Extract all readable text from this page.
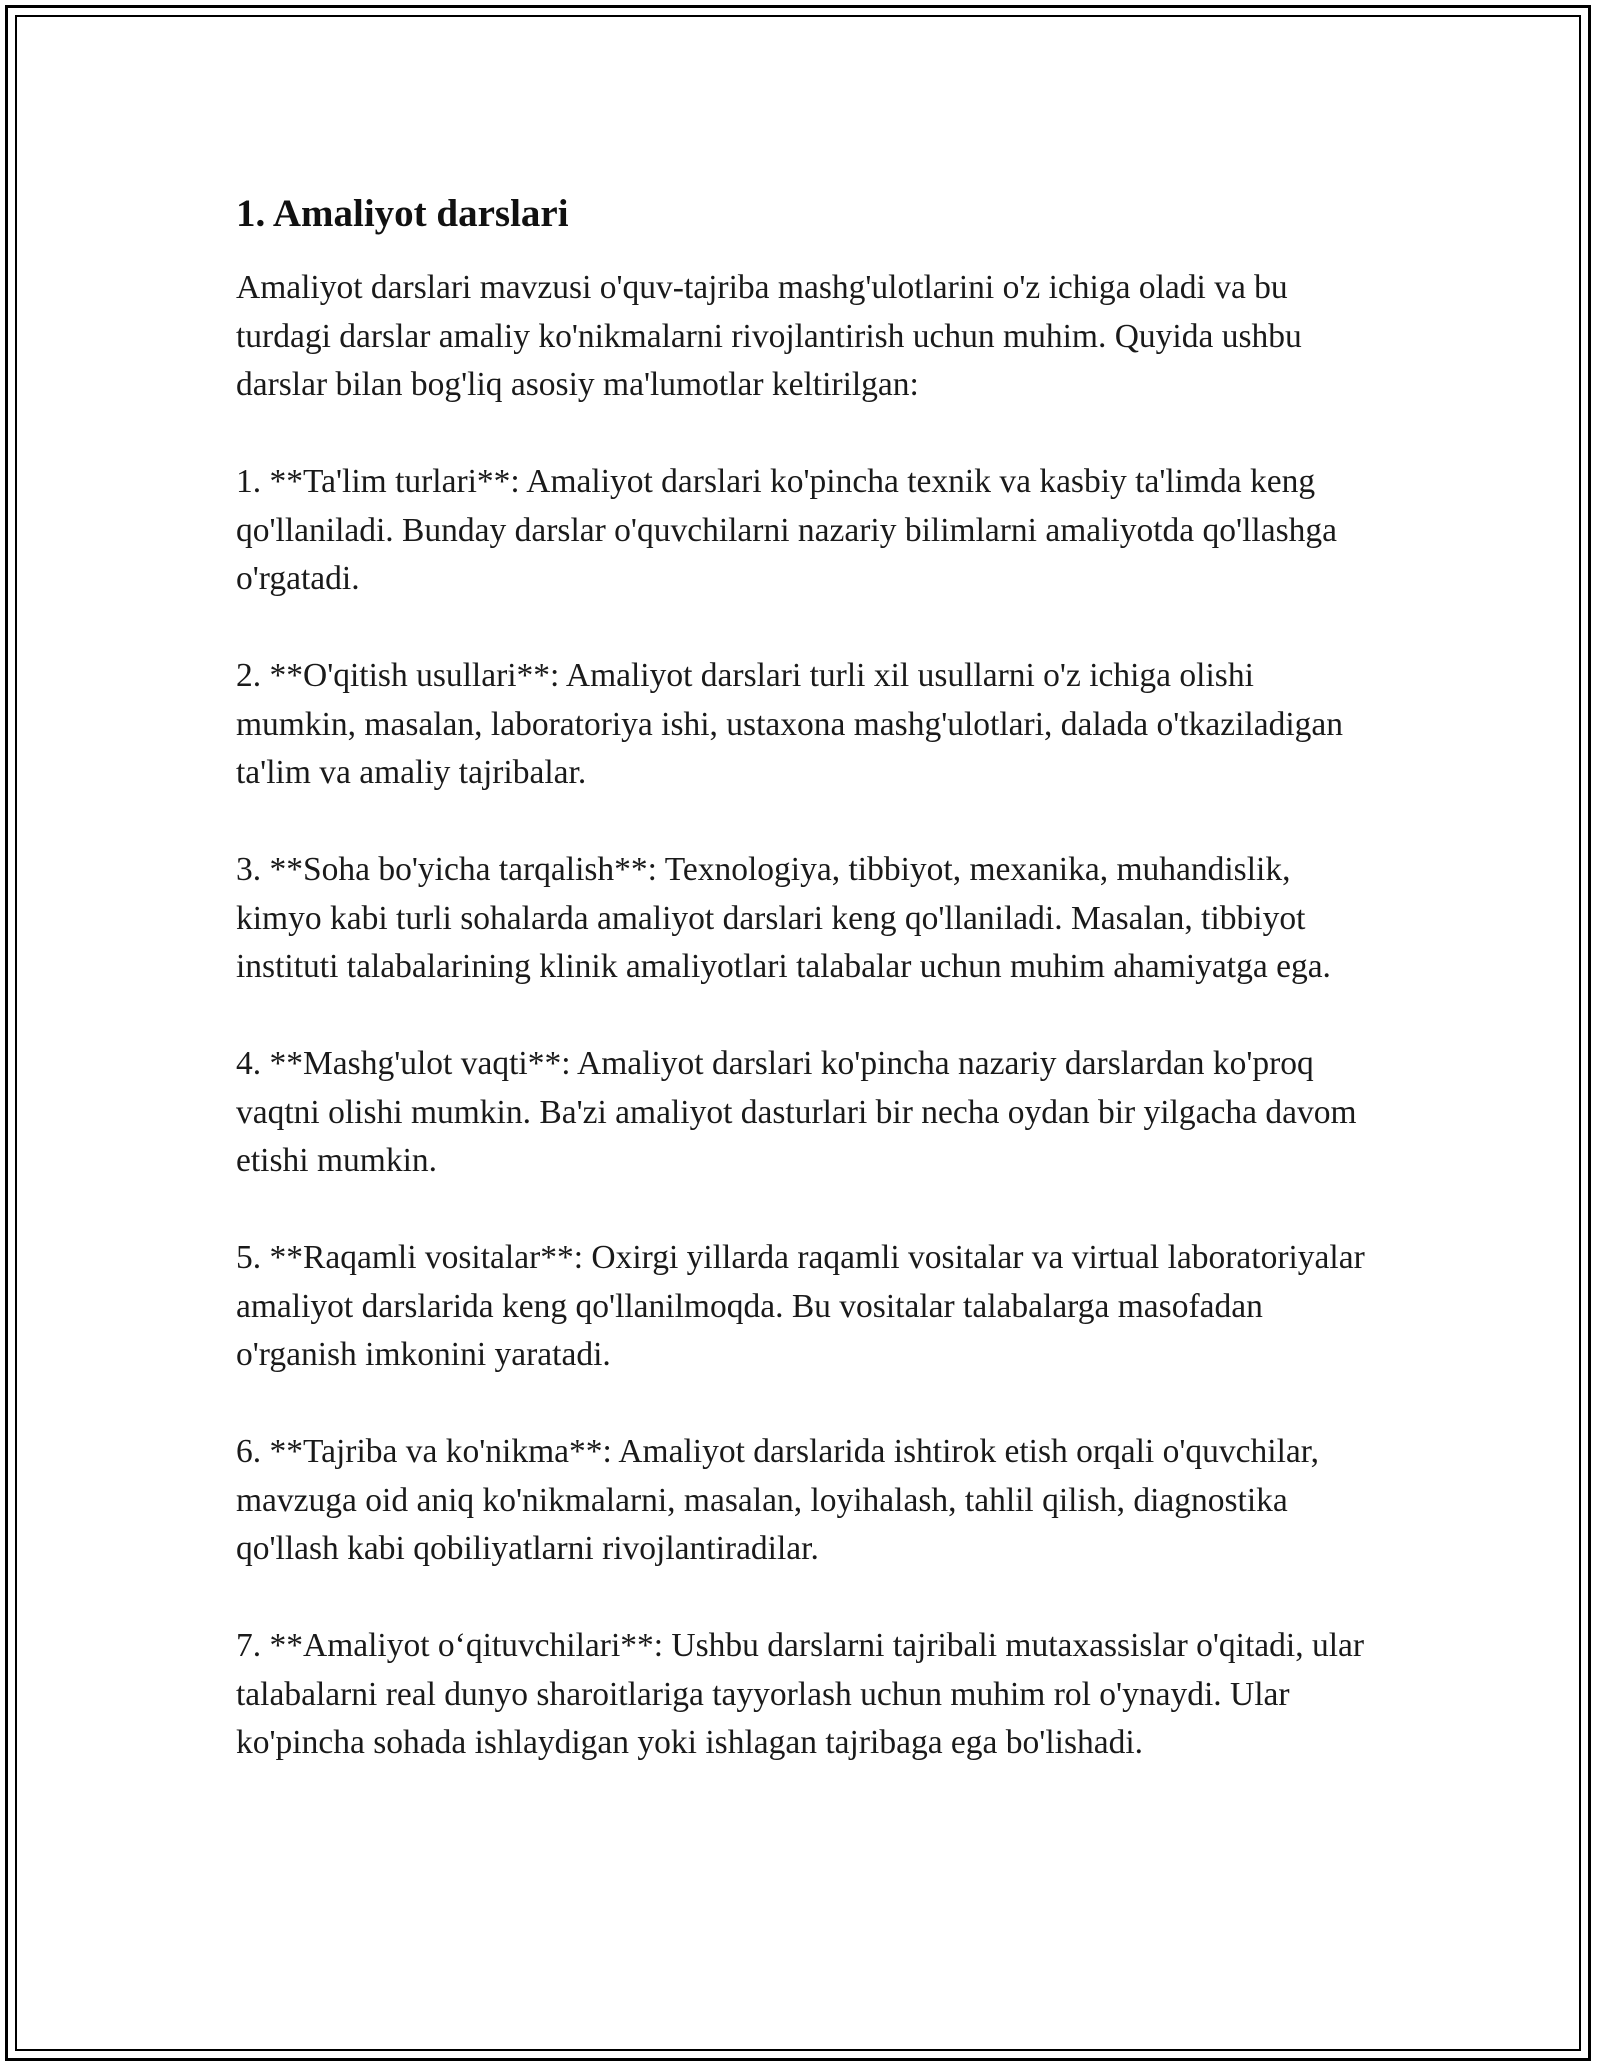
1. Amaliyot darslari

Amaliyot darslari mavzusi o'quv-tajriba mashg'ulotlarini o'z ichiga oladi va bu turdagi darslar amaliy ko'nikmalarni rivojlantirish uchun muhim. Quyida ushbu darslar bilan bog'liq asosiy ma'lumotlar keltirilgan:

1. **Ta'lim turlari**: Amaliyot darslari ko'pincha texnik va kasbiy ta'limda keng qo'llaniladi. Bunday darslar o'quvchilarni nazariy bilimlarni amaliyotda qo'llashga o'rgatadi.

2. **O'qitish usullari**: Amaliyot darslari turli xil usullarni o'z ichiga olishi mumkin, masalan, laboratoriya ishi, ustaxona mashg'ulotlari, dalada o'tkaziladigan ta'lim va amaliy tajribalar.

3. **Soha bo'yicha tarqalish**: Texnologiya, tibbiyot, mexanika, muhandislik, kimyo kabi turli sohalarda amaliyot darslari keng qo'llaniladi. Masalan, tibbiyot instituti talabalarining klinik amaliyotlari talabalar uchun muhim ahamiyatga ega.

4. **Mashg'ulot vaqti**: Amaliyot darslari ko'pincha nazariy darslardan ko'proq vaqtni olishi mumkin. Ba'zi amaliyot dasturlari bir necha oydan bir yilgacha davom etishi mumkin.

5. **Raqamli vositalar**: Oxirgi yillarda raqamli vositalar va virtual laboratoriyalar amaliyot darslarida keng qo'llanilmoqda. Bu vositalar talabalarga masofadan o'rganish imkonini yaratadi.

6. **Tajriba va ko'nikma**: Amaliyot darslarida ishtirok etish orqali o'quvchilar, mavzuga oid aniq ko'nikmalarni, masalan, loyihalash, tahlil qilish, diagnostika qo'llash kabi qobiliyatlarni rivojlantiradilar.

7. **Amaliyot o‘qituvchilari**: Ushbu darslarni tajribali mutaxassislar o'qitadi, ular talabalarni real dunyo sharoitlariga tayyorlash uchun muhim rol o'ynaydi. Ular ko'pincha sohada ishlaydigan yoki ishlagan tajribaga ega bo'lishadi.
